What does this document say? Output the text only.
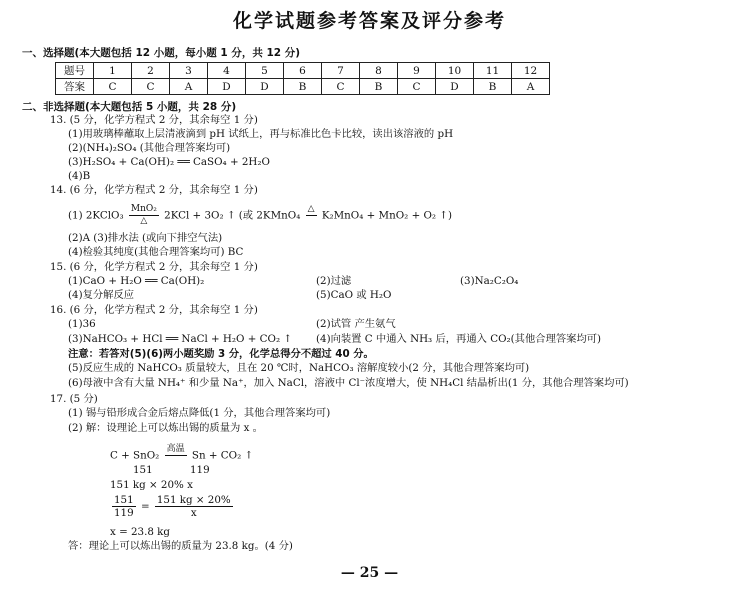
化学试题参考答案及评分参考
一、选择题(本大题包括 12 小题，每小题 1 分，共 12 分)
题号	1	2	3	4	5	6	7	8	9	10	11	12
答案	C	C	A	D	D	B	C	B	C	D	B	A
二、非选择题(本大题包括 5 小题，共 28 分)
13. (5 分，化学方程式 2 分，其余每空 1 分)
(1)用玻璃棒蘸取上层清液滴到 pH 试纸上，再与标准比色卡比较，读出该溶液的 pH
(2)(NH₄)₂SO₄ (其他合理答案均可)
(3)H₂SO₄ + Ca(OH)₂ ══ CaSO₄ + 2H₂O
(4)B
14. (6 分，化学方程式 2 分，其余每空 1 分)
(1) 2KClO₃ $\frac{\text{MnO₂}}{\triangle} 2KCl + 3O_2$ ↑ (或 2KMnO₄
△

K₂MnO₄ + MnO₂ + O₂ ↑)
(2)A (3)排水法 (或向下排空气法)
(4)检验其纯度(其他合理答案均可) BC
15. (6 分，化学方程式 2 分，其余每空 1 分)
(1)CaO + H₂O ══ Ca(OH)₂	(2)过滤	(3)Na₂C₂O₄
(4)复分解反应	(5)CaO 或 H₂O
16. (6 分，化学方程式 2 分，其余每空 1 分)
(1)36	(2)试管 产生氨气
(3)NaHCO₃ + HCl ══ NaCl + H₂O + CO₂ ↑ (4)向装置 C 中通入 NH₃ 后，再通入 CO₂(其他合理答案均可)
注意：若答对(5)(6)两小题奖励 3 分，化学总得分不超过 40 分。
(5)反应生成的 NaHCO₃ 质量较大，且在 20 ℃时，NaHCO₃ 溶解度较小(2 分，其他合理答案均可)
(6)母液中含有大量 NH₄⁺ 和少量 Na⁺，加入 NaCl，溶液中 Cl⁻浓度增大，使 NH₄Cl 结晶析出(1 分，其他合理答案均可)
17. (5 分)
(1) 锡与铅形成合金后熔点降低(1 分，其他合理答案均可)
(2) 解：设理论上可以炼出锡的质量为 x 。
C + SnO₂
高温

Sn + CO₂ ↑
151	119
151 kg × 20% x
$\frac{151}{119} = \frac{151 kg \times 20\%}{x}$
x = 23.8 kg
答：理论上可以炼出锡的质量为 23.8 kg。(4 分)
— 25 —
